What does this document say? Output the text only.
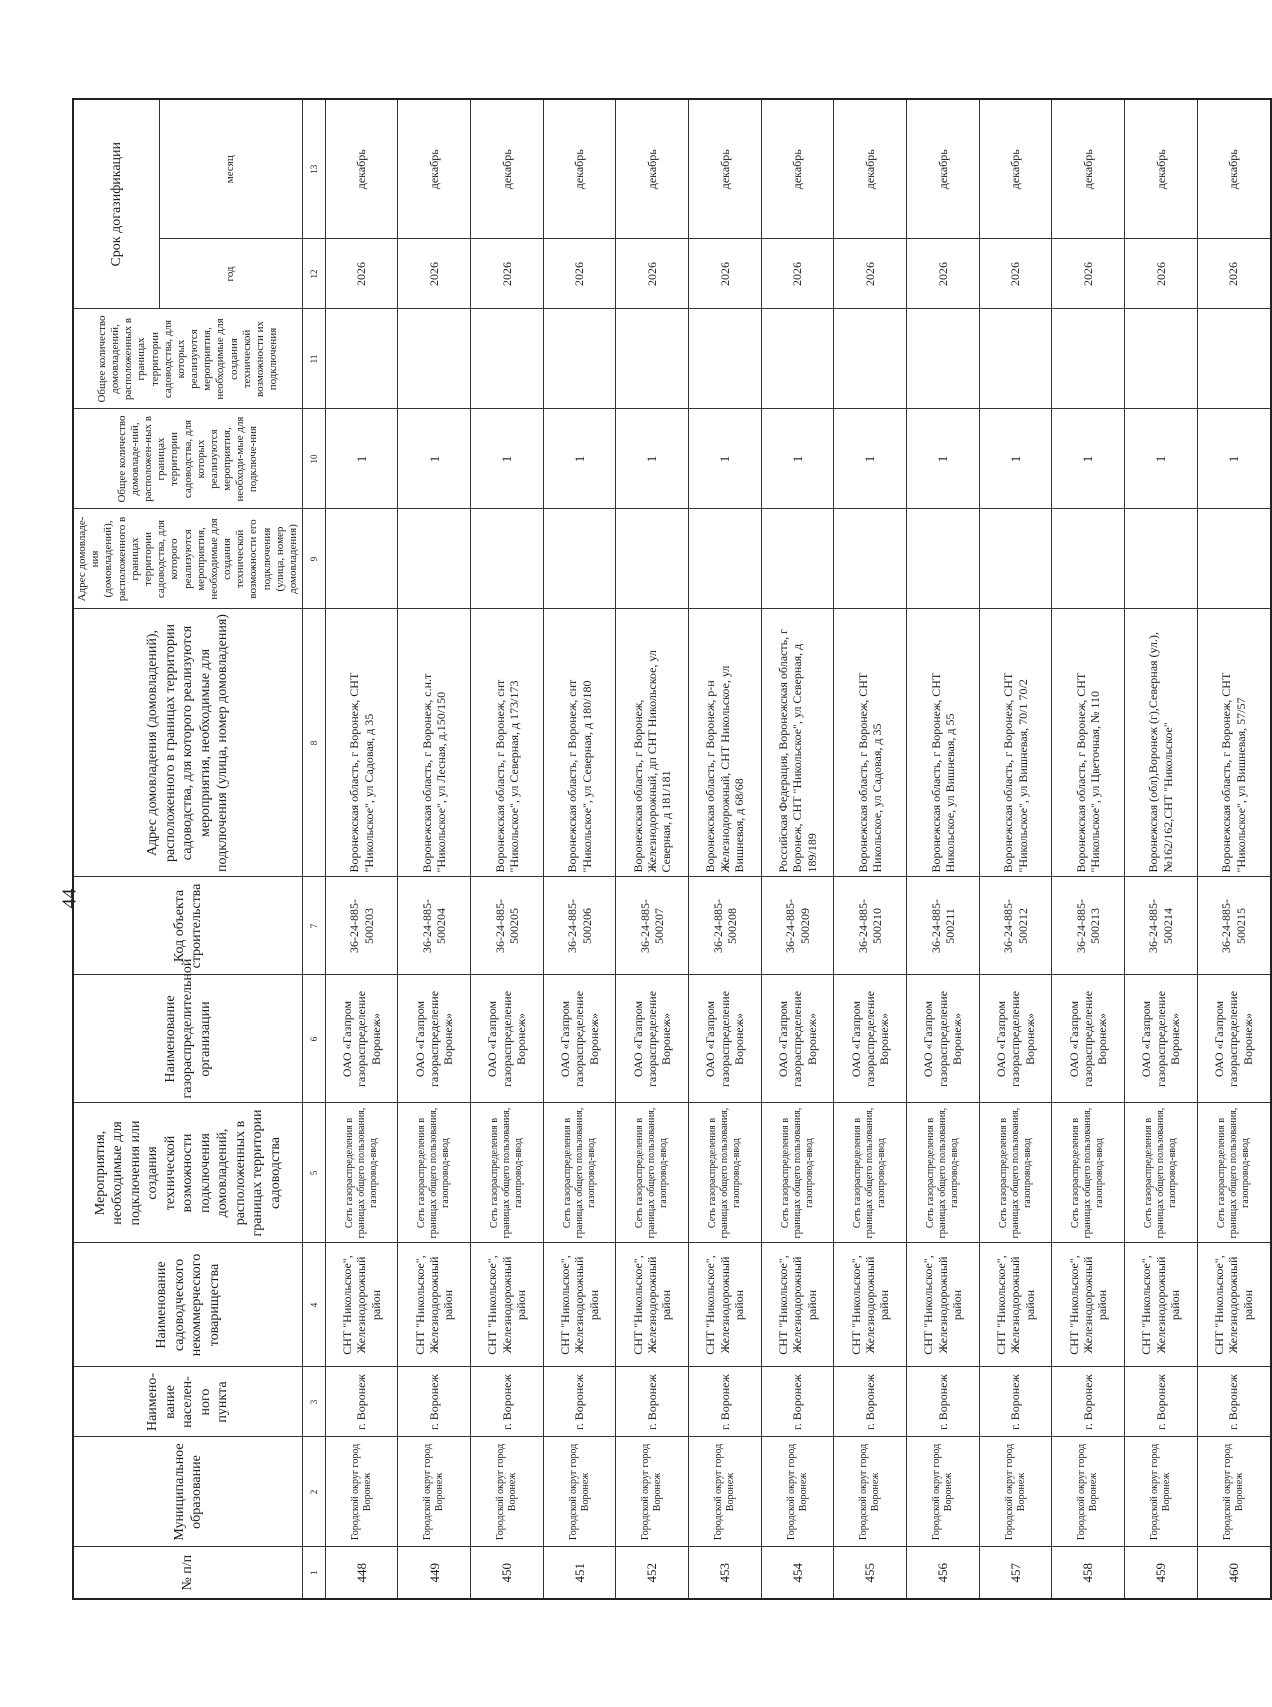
44
№ п/п	Муниципальное образование	Наимено-вание населен-ного пункта	Наименование садоводческого некоммерческого товарищества	Мероприятия, необходимые для подключения или создания технической возможности подключения домовладений, расположенных в границах территории садоводства	Наименование газораспределительной организации	Код объекта строительства	Адрес домовладения (домовладений), расположенного в границах территории садоводства, для которого реализуются мероприятия, необходимые для подключения (улица, номер домовладения)	Адрес домовладе-ния (домовладений), расположенного в границах территории садоводства, для которого реализуются мероприятия, необходимые для создания технической возможности его подключения (улица, номер домовладения)	Общее количество домовладе-ний, расположен-ных в границах территории садоводства, для которых реализуются мероприятия, необходи-мые для подключе-ния	Общее количество домовладений, расположенных в границах территории садоводства, для которых реализуются мероприятия, необходимые для создания технической возможности их подключения	Срок догазификации	
											год	месяц
1	2	3	4	5	6	7	8	9	10	11	12	13
448	Городской округ город Воронеж	г. Воронеж	СНТ "Никольское", Железнодорожный район	Сеть газораспределения в границах общего пользования, газопровод-ввод	ОАО «Газпром газораспределение Воронеж»	36-24-885-500203	Воронежская область, г Воронеж, СНТ "Никольское", ул Садовая, д 35		1		2026	декабрь
449	Городской округ город Воронеж	г. Воронеж	СНТ "Никольское", Железнодорожный район	Сеть газораспределения в границах общего пользования, газопровод-ввод	ОАО «Газпром газораспределение Воронеж»	36-24-885-500204	Воронежская область, г Воронеж, с.н.т "Никольское", ул Лесная, д.150/150		1		2026	декабрь
450	Городской округ город Воронеж	г. Воронеж	СНТ "Никольское", Железнодорожный район	Сеть газораспределения в границах общего пользования, газопровод-ввод	ОАО «Газпром газораспределение Воронеж»	36-24-885-500205	Воронежская область, г Воронеж, снт "Никольское", ул Северная, д 173/173		1		2026	декабрь
451	Городской округ город Воронеж	г. Воронеж	СНТ "Никольское", Железнодорожный район	Сеть газораспределения в границах общего пользования, газопровод-ввод	ОАО «Газпром газораспределение Воронеж»	36-24-885-500206	Воронежская область, г Воронеж, снт "Никольское", ул Северная, д 180/180		1		2026	декабрь
452	Городской округ город Воронеж	г. Воронеж	СНТ "Никольское", Железнодорожный район	Сеть газораспределения в границах общего пользования, газопровод-ввод	ОАО «Газпром газораспределение Воронеж»	36-24-885-500207	Воронежская область, г Воронеж, Железнодорожный, дп СНТ Никольское, ул Северная, д 181/181		1		2026	декабрь
453	Городской округ город Воронеж	г. Воронеж	СНТ "Никольское", Железнодорожный район	Сеть газораспределения в границах общего пользования, газопровод-ввод	ОАО «Газпром газораспределение Воронеж»	36-24-885-500208	Воронежская область, г Воронеж, р-н Железнодорожный, СНТ Никольское, ул Вишневая, д 68/68		1		2026	декабрь
454	Городской округ город Воронеж	г. Воронеж	СНТ "Никольское", Железнодорожный район	Сеть газораспределения в границах общего пользования, газопровод-ввод	ОАО «Газпром газораспределение Воронеж»	36-24-885-500209	Российская Федерация, Воронежская область, г Воронеж, СНТ "Никольское", ул Северная, д 189/189		1		2026	декабрь
455	Городской округ город Воронеж	г. Воронеж	СНТ "Никольское", Железнодорожный район	Сеть газораспределения в границах общего пользования, газопровод-ввод	ОАО «Газпром газораспределение Воронеж»	36-24-885-500210	Воронежская область, г Воронеж, СНТ Никольское, ул Садовая, д 35		1		2026	декабрь
456	Городской округ город Воронеж	г. Воронеж	СНТ "Никольское", Железнодорожный район	Сеть газораспределения в границах общего пользования, газопровод-ввод	ОАО «Газпром газораспределение Воронеж»	36-24-885-500211	Воронежская область, г Воронеж, СНТ Никольское, ул Вишневая, д 55		1		2026	декабрь
457	Городской округ город Воронеж	г. Воронеж	СНТ "Никольское", Железнодорожный район	Сеть газораспределения в границах общего пользования, газопровод-ввод	ОАО «Газпром газораспределение Воронеж»	36-24-885-500212	Воронежская область, г Воронеж, СНТ "Никольское", ул Вишневая, 70/1 70/2		1		2026	декабрь
458	Городской округ город Воронеж	г. Воронеж	СНТ "Никольское", Железнодорожный район	Сеть газораспределения в границах общего пользования, газопровод-ввод	ОАО «Газпром газораспределение Воронеж»	36-24-885-500213	Воронежская область, г Воронеж, СНТ "Никольское", ул Цветочная, № 110		1		2026	декабрь
459	Городской округ город Воронеж	г. Воронеж	СНТ "Никольское", Железнодорожный район	Сеть газораспределения в границах общего пользования, газопровод-ввод	ОАО «Газпром газораспределение Воронеж»	36-24-885-500214	Воронежская (обл),Воронеж (г),Северная (ул.),№162/162,СНТ "Никольское"		1		2026	декабрь
460	Городской округ город Воронеж	г. Воронеж	СНТ "Никольское", Железнодорожный район	Сеть газораспределения в границах общего пользования, газопровод-ввод	ОАО «Газпром газораспределение Воронеж»	36-24-885-500215	Воронежская область, г Воронеж, СНТ "Никольское", ул Вишневая, 57/57		1		2026	декабрь
